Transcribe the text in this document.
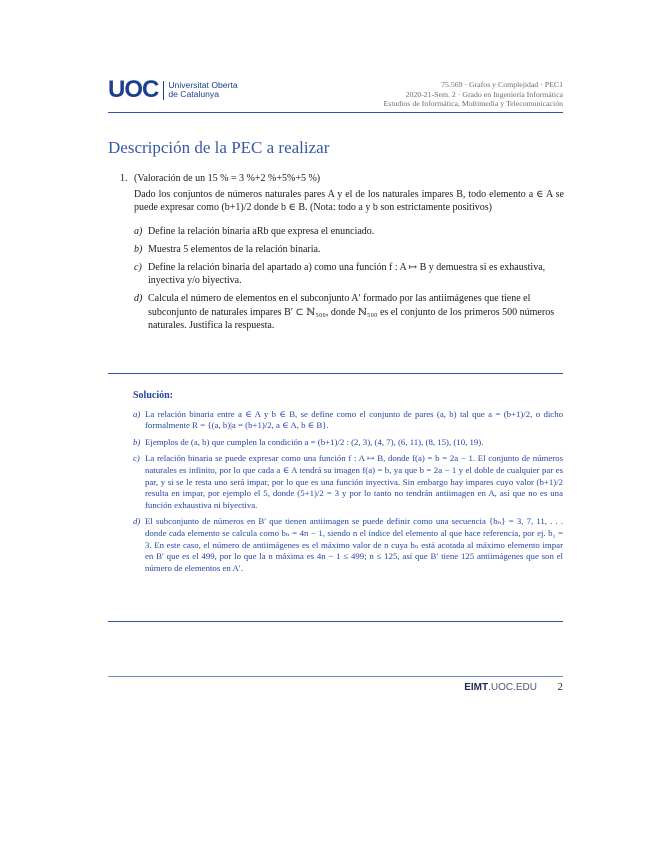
UOC Universitat Oberta
de Catalunya
75.569 · Grafos y Complejidad · PEC1
2020-21-Sem. 2 · Grado en Ingeniería Informática
Estudios de Informática, Multimedia y Telecomunicación
Descripción de la PEC a realizar
1. (Valoración de un 15 % = 3 %+2 %+5%+5 %)
Dado los conjuntos de números naturales pares A y el de los naturales impares B, todo elemento a ∈ A se puede expresar como (b+1)/2 donde b ∈ B. (Nota: todo a y b son estrictamente positivos)
a) Define la relación binaria aRb que expresa el enunciado.
b) Muestra 5 elementos de la relación binaria.
c) Define la relación binaria del apartado a) como una función f : A ↦ B y demuestra si es exhaustiva, inyectiva y/o biyectiva.
d) Calcula el número de elementos en el subconjunto A′ formado por las antiimágenes que tiene el subconjunto de naturales impares B′ ⊂ ℕ₅₀₀, donde ℕ₅₀₀ es el conjunto de los primeros 500 números naturales. Justifica la respuesta.
Solución:
a) La relación binaria entre a ∈ A y b ∈ B, se define como el conjunto de pares (a, b) tal que a = (b+1)/2, o dicho formalmente R = {(a, b)|a = (b+1)/2, a ∈ A, b ∈ B}.
b) Ejemplos de (a, b) que cumplen la condición a = (b+1)/2 : (2, 3), (4, 7), (6, 11), (8, 15), (10, 19).
c) La relación binaria se puede expresar como una función f : A ↦ B, donde f(a) = b = 2a − 1. El conjunto de números naturales es infinito, por lo que cada a ∈ A tendrá su imagen f(a) = b, ya que b = 2a − 1 y el doble de cualquier par es par, y si se le resta uno será impar, por lo que es una función inyectiva. Sin embargo hay impares cuyo valor (b+1)/2 resulta en impar, por ejemplo el 5, donde (5+1)/2 = 3 y por lo tanto no tendrán antiimagen en A, así que no es una función exhaustiva ni biyectiva.
d) El subconjunto de números en B′ que tienen antiimagen se puede definir como una secuencia {bₙ} = 3, 7, 11, . . . donde cada elemento se calcula como bₙ = 4n − 1, siendo n el índice del elemento al que hace referencia, por ej. b₁ = 3. En este caso, el número de antiimágenes es el máximo valor de n cuya bₙ está acotada al máximo elemento impar en B′ que es el 499, por lo que la n máxima es 4n − 1 ≤ 499; n ≤ 125, así que B′ tiene 125 antiimágenes que son el número de elementos en A′.
EIMT.UOC.EDU 2
